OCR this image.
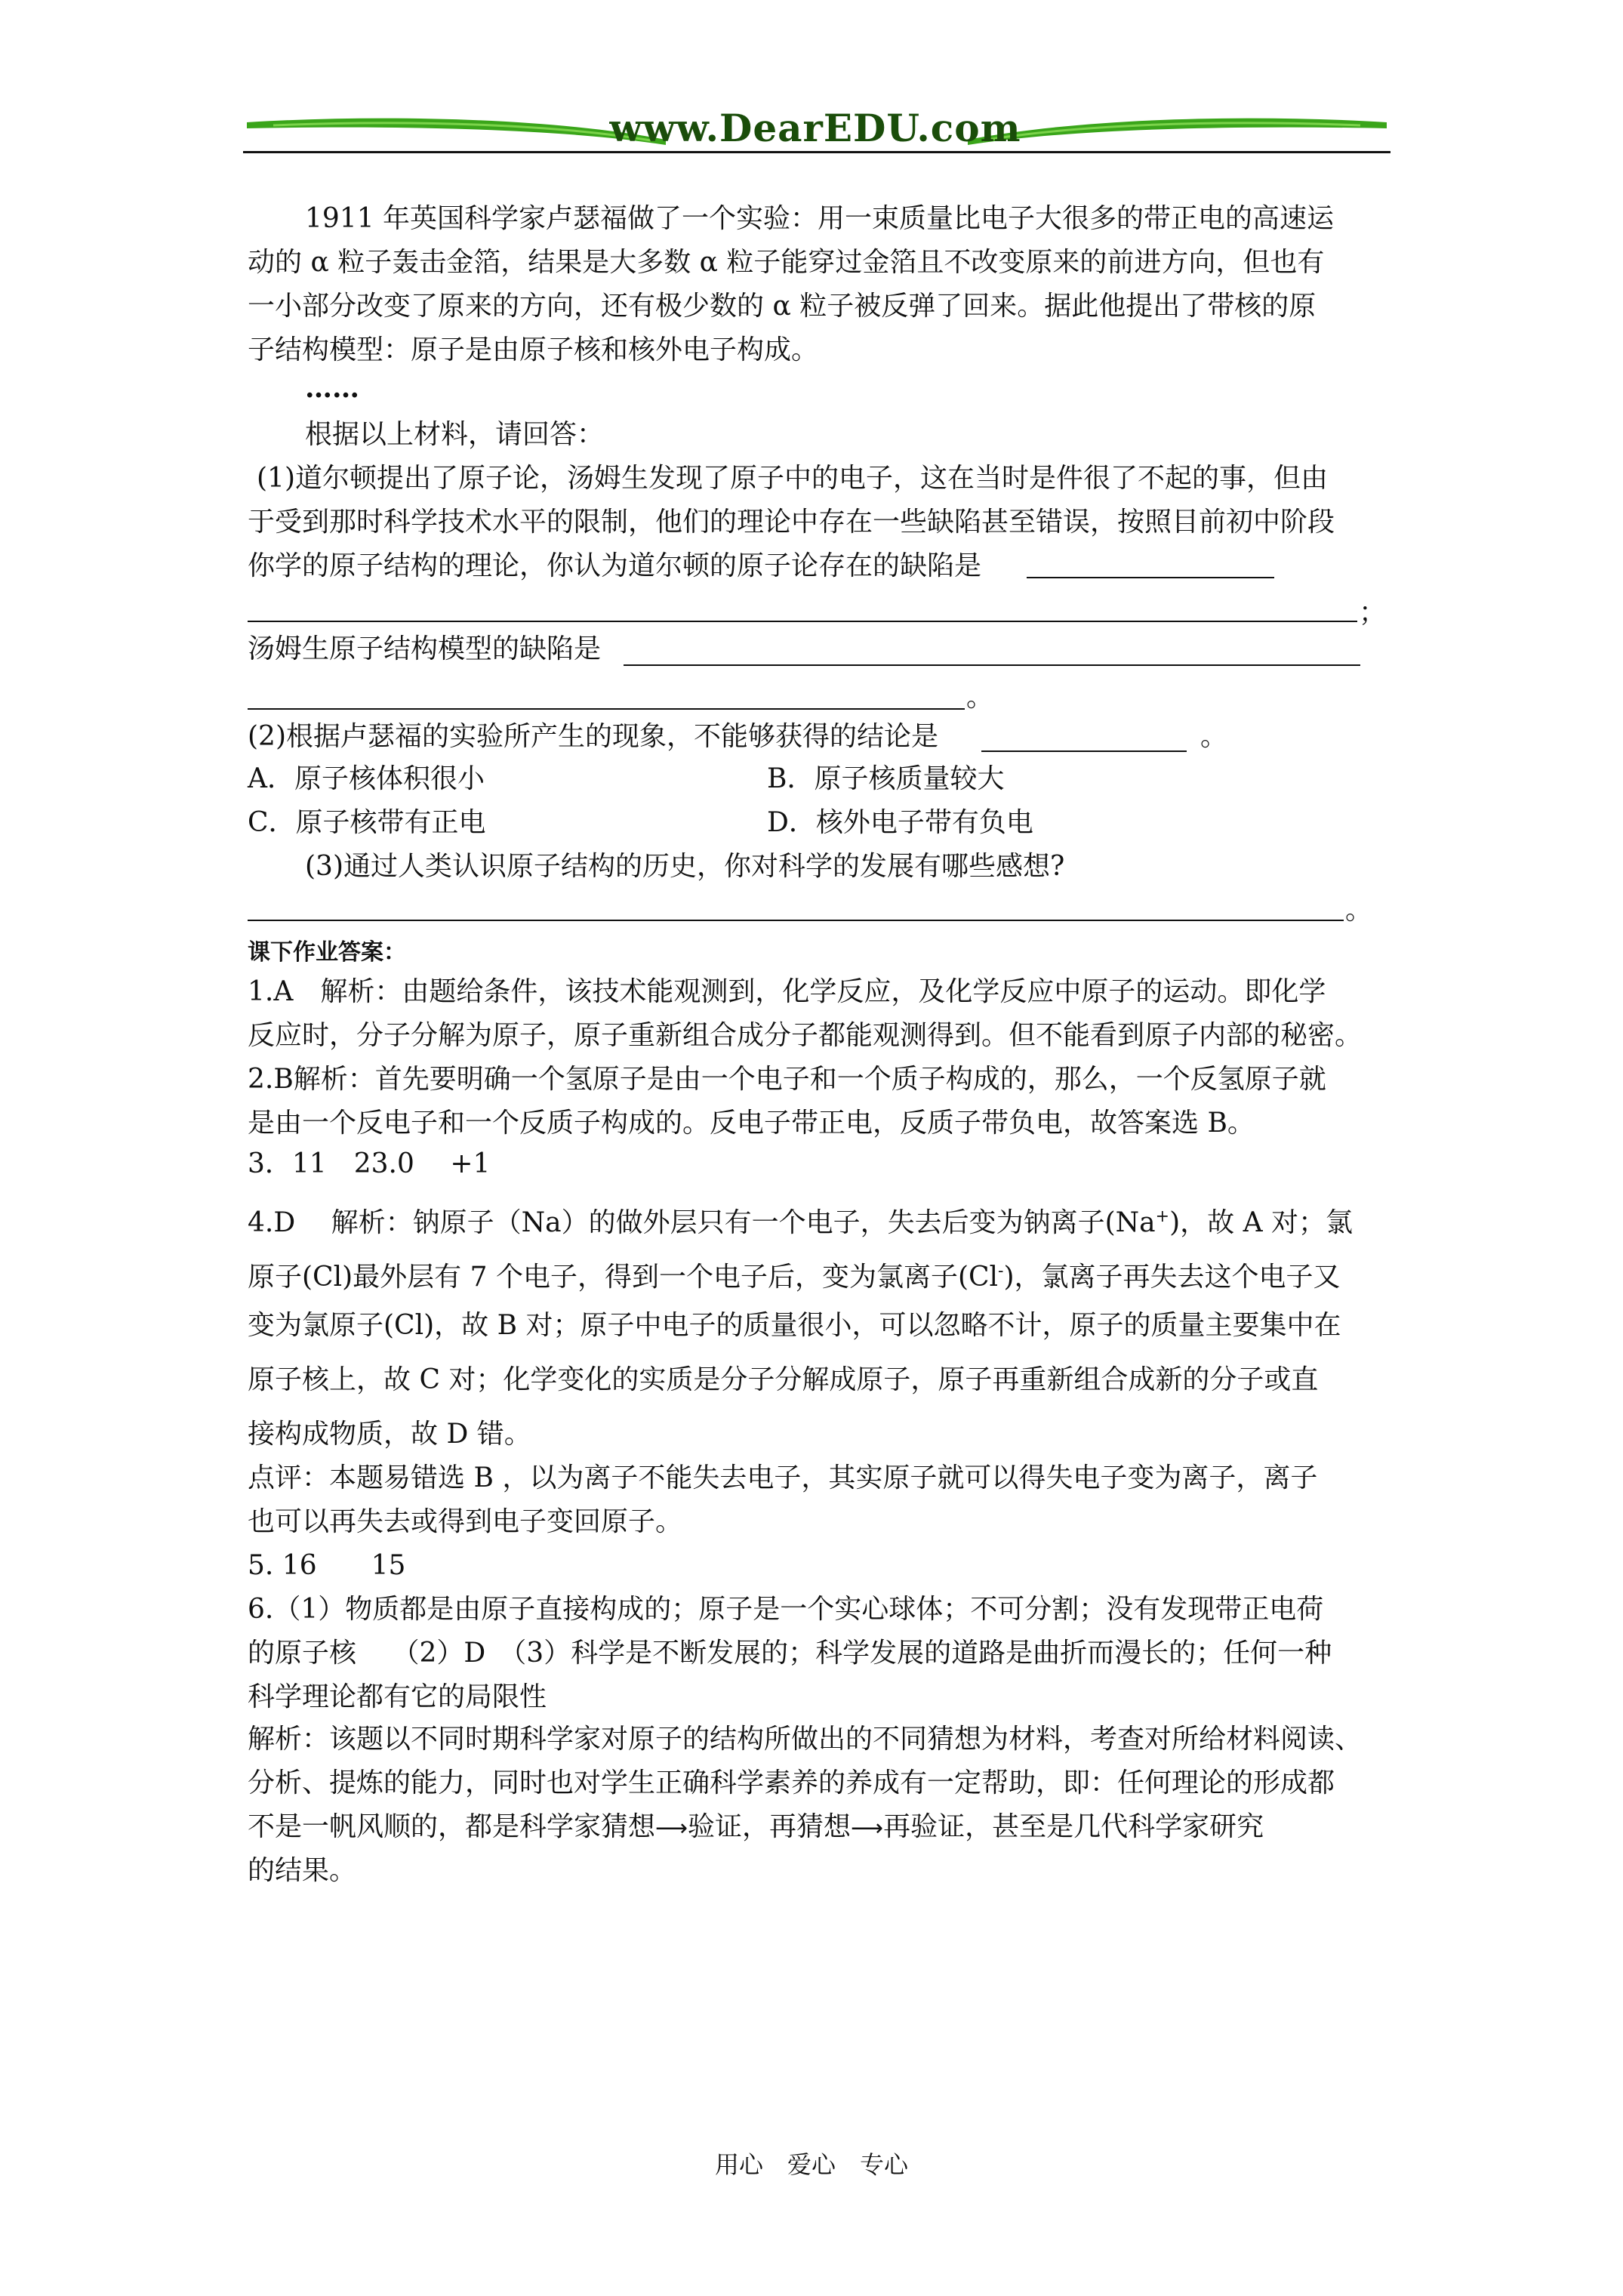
www.DearEDU.com
1911 年英国科学家卢瑟福做了一个实验：用一束质量比电子大很多的带正电的高速运
动的 α 粒子轰击金箔，结果是大多数 α 粒子能穿过金箔且不改变原来的前进方向，但也有
一小部分改变了原来的方向，还有极少数的 α 粒子被反弹了回来。据此他提出了带核的原
子结构模型：原子是由原子核和核外电子构成。
……
根据以上材料，请回答：
(1)道尔顿提出了原子论，汤姆生发现了原子中的电子，这在当时是件很了不起的事，但由
于受到那时科学技术水平的限制，他们的理论中存在一些缺陷甚至错误，按照目前初中阶段
你学的原子结构的理论，你认为道尔顿的原子论存在的缺陷是
；
汤姆生原子结构模型的缺陷是
。
(2)根据卢瑟福的实验所产生的现象，不能够获得的结论是	。
A．原子核体积很小	B．原子核质量较大
C．原子核带有正电	D．核外电子带有负电
(3)通过人类认识原子结构的历史，你对科学的发展有哪些感想?
。
课下作业答案：
1.A　解析：由题给条件，该技术能观测到，化学反应，及化学反应中原子的运动。即化学
反应时，分子分解为原子，原子重新组合成分子都能观测得到。但不能看到原子内部的秘密。
2.B解析：首先要明确一个氢原子是由一个电子和一个质子构成的，那么，一个反氢原子就
是由一个反电子和一个反质子构成的。反电子带正电，反质子带负电，故答案选 B。
3．11　23.0　 +1
4.D　 解析：钠原子（Na）的做外层只有一个电子，失去后变为钠离子(Na+)，故 A 对；氯
原子(Cl)最外层有 7 个电子，得到一个电子后，变为氯离子(Cl-)，氯离子再失去这个电子又
变为氯原子(Cl)，故 B 对；原子中电子的质量很小，可以忽略不计，原子的质量主要集中在
原子核上，故 C 对；化学变化的实质是分子分解成原子，原子再重新组合成新的分子或直
接构成物质，故 D 错。
点评：本题易错选 B ，以为离子不能失去电子，其实原子就可以得失电子变为离子，离子
也可以再失去或得到电子变回原子。
5. 16　　15
6.（1）物质都是由原子直接构成的；原子是一个实心球体；不可分割；没有发现带正电荷
的原子核　 （2）D　（3）科学是不断发展的；科学发展的道路是曲折而漫长的；任何一种
科学理论都有它的局限性
解析：该题以不同时期科学家对原子的结构所做出的不同猜想为材料，考查对所给材料阅读、
分析、提炼的能力，同时也对学生正确科学素养的养成有一定帮助，即：任何理论的形成都
不是一帆风顺的，都是科学家猜想⟶验证，再猜想⟶再验证，甚至是几代科学家研究
的结果。
用心　爱心　专心
